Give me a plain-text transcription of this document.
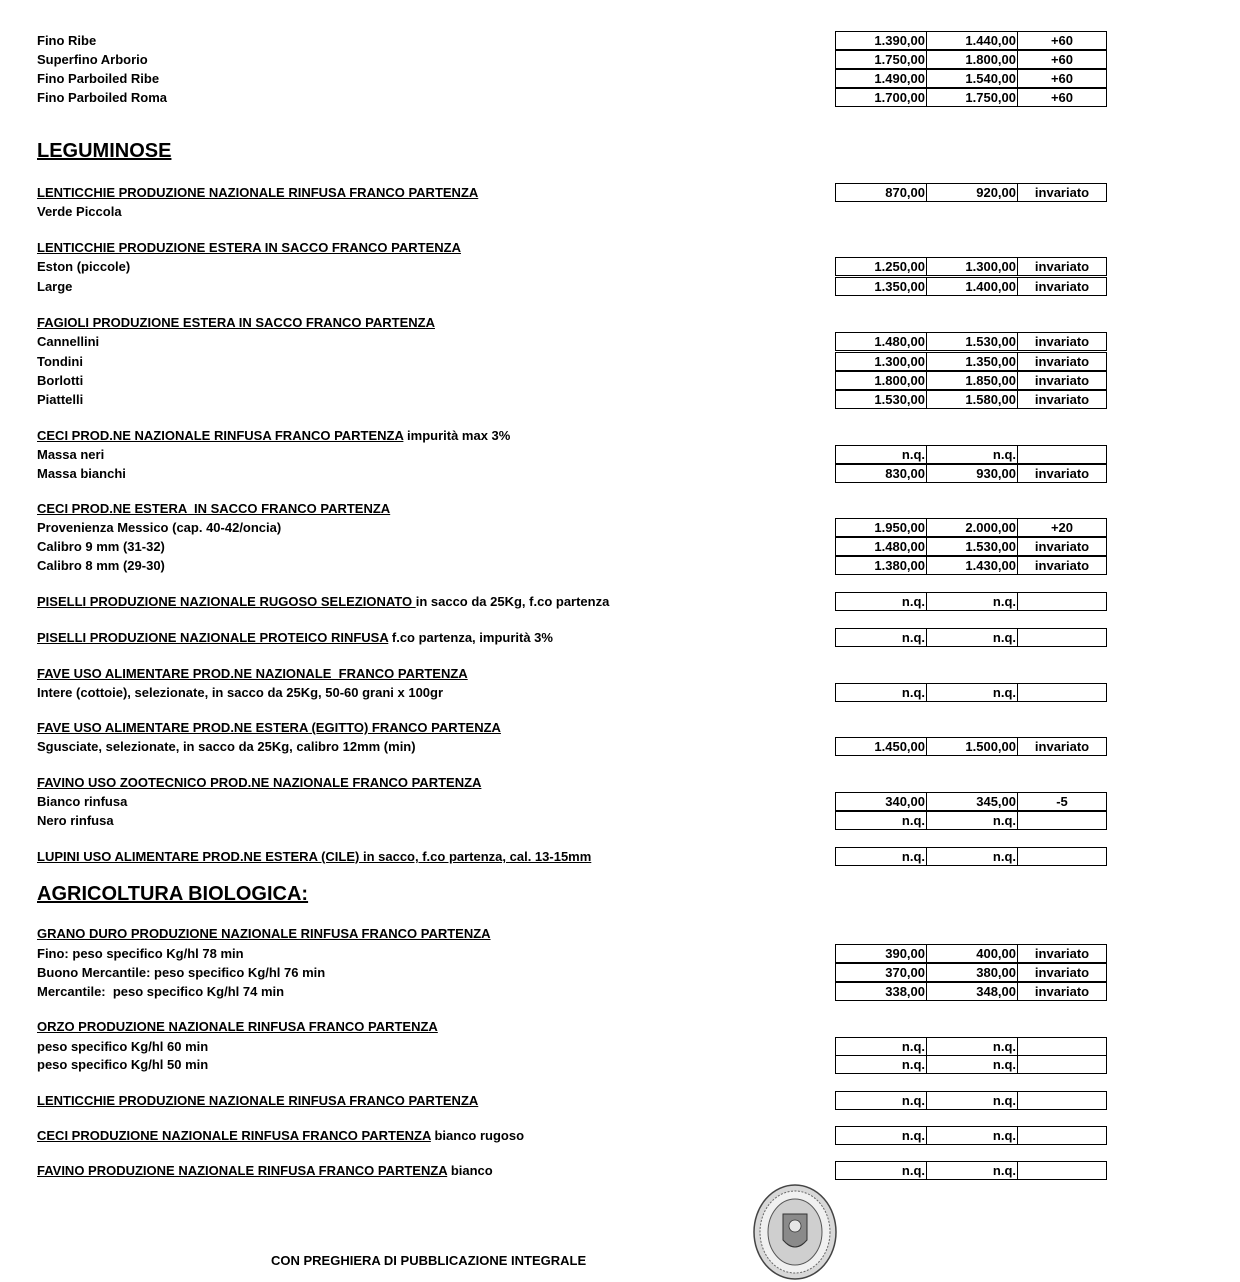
Fino Ribe	1.390,00	1.440,00	+60
Superfino Arborio	1.750,00	1.800,00	+60
Fino Parboiled Ribe	1.490,00	1.540,00	+60
Fino Parboiled Roma	1.700,00	1.750,00	+60
LEGUMINOSE
LENTICCHIE PRODUZIONE NAZIONALE RINFUSA FRANCO PARTENZA	870,00	920,00	invariato
Verde Piccola
LENTICCHIE PRODUZIONE ESTERA IN SACCO FRANCO PARTENZA
Eston (piccole)	1.250,00	1.300,00	invariato
Large	1.350,00	1.400,00	invariato
FAGIOLI PRODUZIONE ESTERA IN SACCO FRANCO PARTENZA
Cannellini	1.480,00	1.530,00	invariato
Tondini	1.300,00	1.350,00	invariato
Borlotti	1.800,00	1.850,00	invariato
Piattelli	1.530,00	1.580,00	invariato
CECI PROD.NE NAZIONALE RINFUSA FRANCO PARTENZA impurità max 3%
Massa neri	n.q.	n.q.
Massa bianchi	830,00	930,00	invariato
CECI PROD.NE ESTERA  IN SACCO FRANCO PARTENZA
Provenienza Messico (cap. 40-42/oncia)	1.950,00	2.000,00	+20
Calibro 9 mm (31-32)	1.480,00	1.530,00	invariato
Calibro 8 mm (29-30)	1.380,00	1.430,00	invariato
PISELLI PRODUZIONE NAZIONALE RUGOSO SELEZIONATO in sacco da 25Kg, f.co partenza	n.q.	n.q.
PISELLI PRODUZIONE NAZIONALE PROTEICO RINFUSA f.co partenza, impurità 3%	n.q.	n.q.
FAVE USO ALIMENTARE PROD.NE NAZIONALE  FRANCO PARTENZA
Intere (cottoie), selezionate, in sacco da 25Kg, 50-60 grani x 100gr	n.q.	n.q.
FAVE USO ALIMENTARE PROD.NE ESTERA (EGITTO) FRANCO PARTENZA
Sgusciate, selezionate, in sacco da 25Kg, calibro 12mm (min)	1.450,00	1.500,00	invariato
FAVINO USO ZOOTECNICO PROD.NE NAZIONALE FRANCO PARTENZA
Bianco rinfusa	340,00	345,00	-5
Nero rinfusa	n.q.	n.q.
LUPINI USO ALIMENTARE PROD.NE ESTERA (CILE) in sacco, f.co partenza, cal. 13-15mm	n.q.	n.q.
AGRICOLTURA BIOLOGICA:
GRANO DURO PRODUZIONE NAZIONALE RINFUSA FRANCO PARTENZA
Fino: peso specifico Kg/hl 78 min	390,00	400,00	invariato
Buono Mercantile: peso specifico Kg/hl 76 min	370,00	380,00	invariato
Mercantile:  peso specifico Kg/hl 74 min	338,00	348,00	invariato
ORZO PRODUZIONE NAZIONALE RINFUSA FRANCO PARTENZA
peso specifico Kg/hl 60 min	n.q.	n.q.
peso specifico Kg/hl 50 min	n.q.	n.q.
LENTICCHIE PRODUZIONE NAZIONALE RINFUSA FRANCO PARTENZA	n.q.	n.q.
CECI PRODUZIONE NAZIONALE RINFUSA FRANCO PARTENZA bianco rugoso	n.q.	n.q.
FAVINO PRODUZIONE NAZIONALE RINFUSA FRANCO PARTENZA bianco	n.q.	n.q.
CON PREGHIERA DI PUBBLICAZIONE INTEGRALE
